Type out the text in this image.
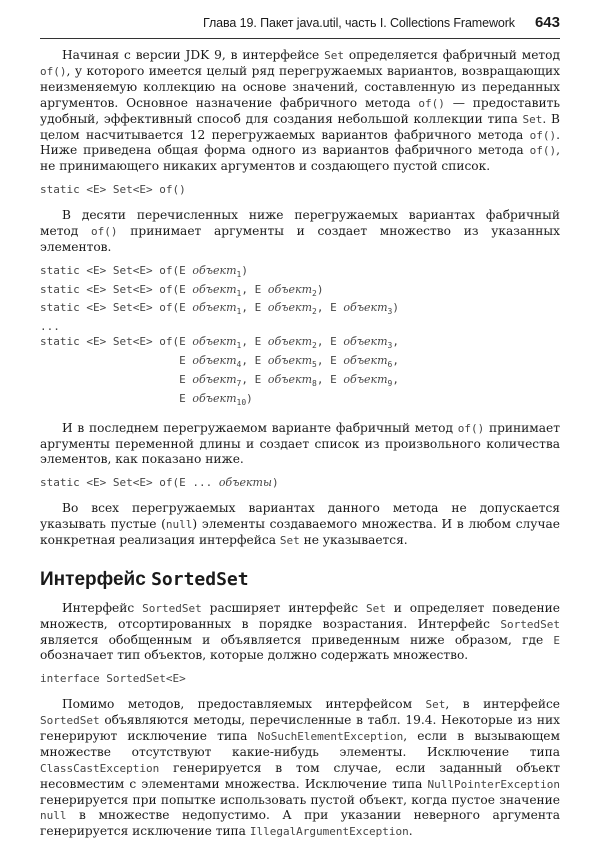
Глава 19. Пакет java.util, часть I. Collections Framework 643

Начиная с версии JDK 9, в интерфейсе Set определяется фабричный метод of(), у которого имеется целый ряд перегружаемых вариантов, возвращающих неизменяемую коллекцию на основе значений, составленную из переданных аргументов. Основное назначение фабричного метода of() — предоставить удобный, эффективный способ для создания небольшой коллекции типа Set. В целом насчитывается 12 перегружаемых вариантов фабричного метода of(). Ниже приведена общая форма одного из вариантов фабричного метода of(), не принимающего никаких аргументов и создающего пустой список.

static <E> Set<E> of()

В десяти перечисленных ниже перегружаемых вариантах фабричный метод of() принимает аргументы и создает множество из указанных элементов.

static <E> Set<E> of(E объект$_1$)
static <E> Set<E> of(E объект$_1$, E объект$_2$)
static <E> Set<E> of(E объект$_1$, E объект$_2$, E объект$_3$)
...
static <E> Set<E> of(E объект$_1$, E объект$_2$, E объект$_3$,
E объект$_4$, E объект$_5$, E объект$_6$,
E объект$_7$, E объект$_8$, E объект$_9$,
E объект$_{10}$)

И в последнем перегружаемом варианте фабричный метод of() принимает аргументы переменной длины и создает список из произвольного количества элементов, как показано ниже.

static <E> Set<E> of(E ... объекты)

Во всех перегружаемых вариантах данного метода не допускается указывать пустые (null) элементы создаваемого множества. И в любом случае конкретная реализация интерфейса Set не указывается.

Интерфейс SortedSet

Интерфейс SortedSet расширяет интерфейс Set и определяет поведение множеств, отсортированных в порядке возрастания. Интерфейс SortedSet является обобщенным и объявляется приведенным ниже образом, где E обозначает тип объектов, которые должно содержать множество.

interface SortedSet<E>

Помимо методов, предоставляемых интерфейсом Set, в интерфейсе SortedSet объявляются методы, перечисленные в табл. 19.4. Некоторые из них генерируют исключение типа NoSuchElementException, если в вызывающем множестве отсутствуют какие-нибудь элементы. Исключение типа ClassCastException генерируется в том случае, если заданный объект несовместим с элементами множества. Исключение типа NullPointerException генерируется при попытке использовать пустой объект, когда пустое значение null в множестве недопустимо. А при указании неверного аргумента генерируется исключение типа IllegalArgumentException.
